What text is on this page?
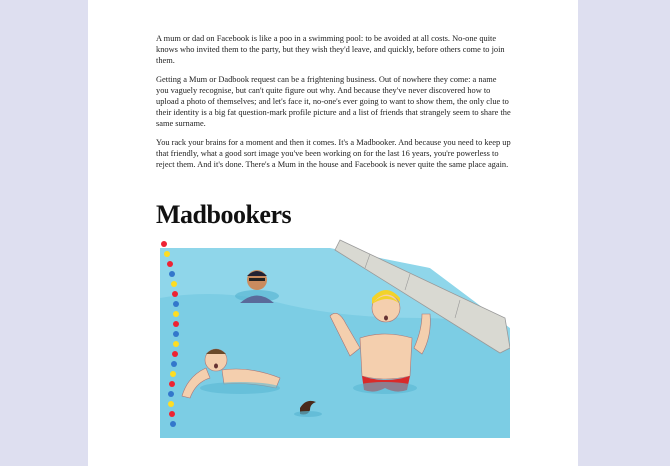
A mum or dad on Facebook is like a poo in a swimming pool: to be avoided at all costs. No-one quite knows who invited them to the party, but they wish they'd leave, and quickly, before others come to join them.

Getting a Mum or Dadbook request can be a frightening business. Out of nowhere they come: a name you vaguely recognise, but can't quite figure out why. And because they've never discovered how to upload a photo of themselves; and let's face it, no-one's ever going to want to show them, the only clue to their identity is a big fat question-mark profile picture and a list of friends that strangely seem to share the same surname.

You rack your brains for a moment and then it comes. It's a Madbooker. And because you need to keep up that friendly, what a good sort image you've been working on for the last 16 years, you're powerless to reject them. And it's done. There's a Mum in the house and Facebook is never quite the same place again.

Madbookers
